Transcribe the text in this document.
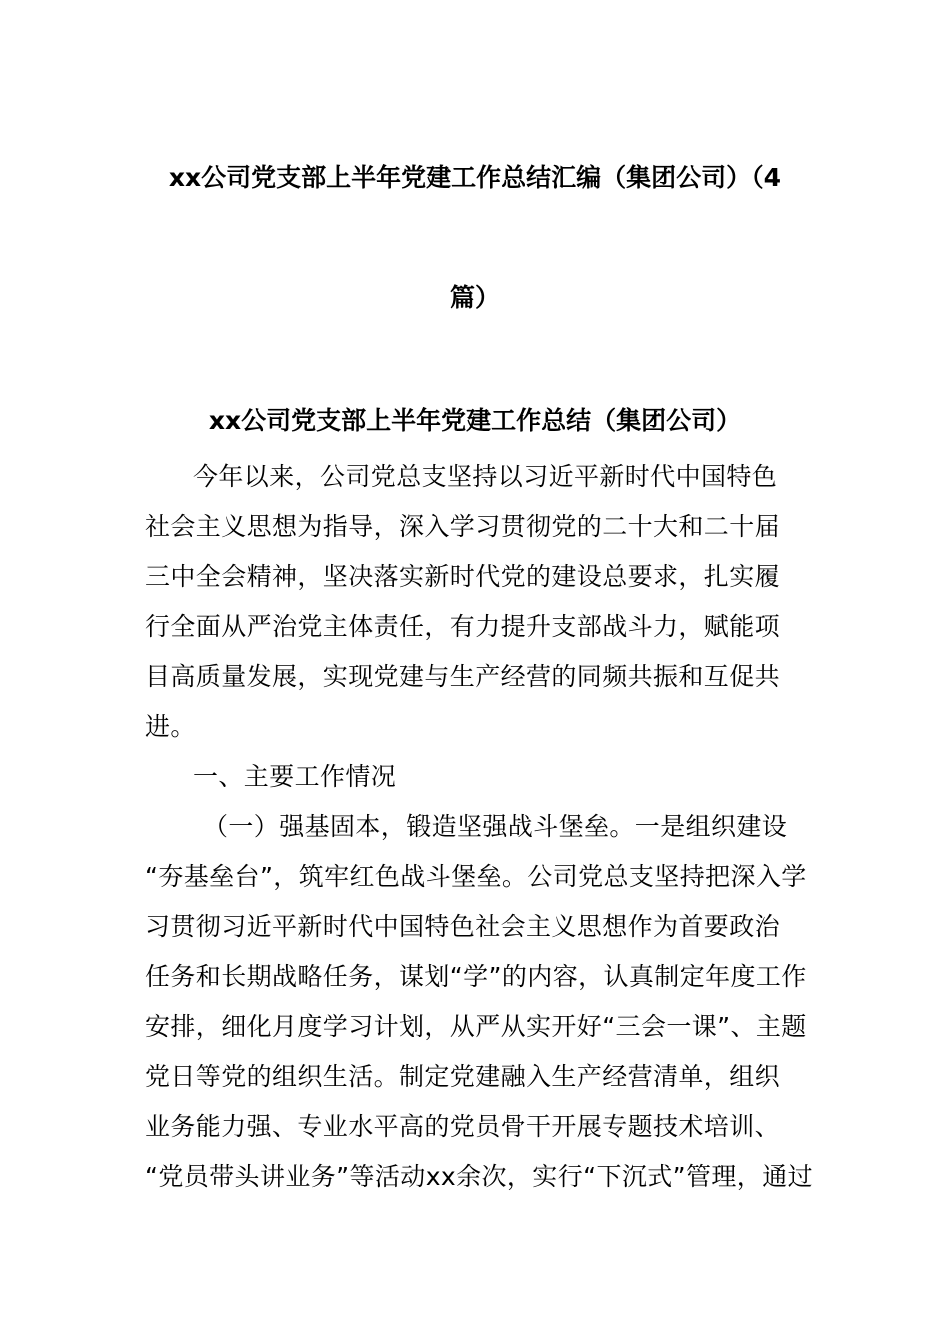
xx公司党支部上半年党建工作总结汇编（集团公司）（4
篇）
xx公司党支部上半年党建工作总结（集团公司）
今年以来，公司党总支坚持以习近平新时代中国特色
社会主义思想为指导，深入学习贯彻党的二十大和二十届
三中全会精神，坚决落实新时代党的建设总要求，扎实履
行全面从严治党主体责任，有力提升支部战斗力，赋能项
目高质量发展，实现党建与生产经营的同频共振和互促共
进。
一、主要工作情况
（一）强基固本，锻造坚强战斗堡垒。一是组织建设
“夯基垒台”，筑牢红色战斗堡垒。公司党总支坚持把深入学
习贯彻习近平新时代中国特色社会主义思想作为首要政治
任务和长期战略任务，谋划“学”的内容，认真制定年度工作
安排，细化月度学习计划，从严从实开好“三会一课”、主题
党日等党的组织生活。制定党建融入生产经营清单，组织
业务能力强、专业水平高的党员骨干开展专题技术培训、
“党员带头讲业务”等活动xx余次，实行“下沉式”管理，通过
